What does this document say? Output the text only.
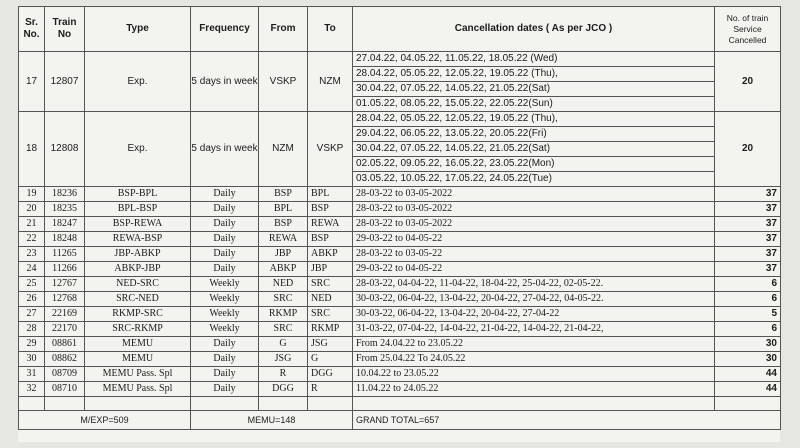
Sr. No.	Train No	Type	Frequency	From	To	Cancellation dates ( As per JCO )	No. of train Service Cancelled
17	12807	Exp.	5 days in week	VSKP	NZM	27.04.22, 04.05.22, 11.05.22, 18.05.22 (Wed)	20
						28.04.22, 05.05.22, 12.05.22, 19.05.22 (Thu),	
						30.04.22, 07.05.22, 14.05.22, 21.05.22(Sat)	
						01.05.22, 08.05.22, 15.05.22, 22.05.22(Sun)	
18	12808	Exp.	5 days in week	NZM	VSKP	28.04.22, 05.05.22, 12.05.22, 19.05.22 (Thu),	20
						29.04.22, 06.05.22, 13.05.22, 20.05.22(Fri)	
						30.04.22, 07.05.22, 14.05.22, 21.05.22(Sat)	
						02.05.22, 09.05.22, 16.05.22, 23.05.22(Mon)	
						03.05.22, 10.05.22, 17.05.22, 24.05.22(Tue)	
19	18236	BSP-BPL	Daily	BSP	BPL	28-03-22 to 03-05-2022	37
20	18235	BPL-BSP	Daily	BPL	BSP	28-03-22 to 03-05-2022	37
21	18247	BSP-REWA	Daily	BSP	REWA	28-03-22 to 03-05-2022	37
22	18248	REWA-BSP	Daily	REWA	BSP	29-03-22 to 04-05-22	37
23	11265	JBP-ABKP	Daily	JBP	ABKP	28-03-22 to 03-05-22	37
24	11266	ABKP-JBP	Daily	ABKP	JBP	29-03-22 to 04-05-22	37
25	12767	NED-SRC	Weekly	NED	SRC	28-03-22, 04-04-22, 11-04-22, 18-04-22, 25-04-22, 02-05-22.	6
26	12768	SRC-NED	Weekly	SRC	NED	30-03-22, 06-04-22, 13-04-22, 20-04-22, 27-04-22, 04-05-22.	6
27	22169	RKMP-SRC	Weekly	RKMP	SRC	30-03-22, 06-04-22, 13-04-22, 20-04-22, 27-04-22	5
28	22170	SRC-RKMP	Weekly	SRC	RKMP	31-03-22, 07-04-22, 14-04-22, 21-04-22, 14-04-22, 21-04-22,	6
29	08861	MEMU	Daily	G	JSG	From 24.04.22 to 23.05.22	30
30	08862	MEMU	Daily	JSG	G	From 25.04.22 To 24.05.22	30
31	08709	MEMU Pass. Spl	Daily	R	DGG	10.04.22 to 23.05.22	44
32	08710	MEMU Pass. Spl	Daily	DGG	R	11.04.22 to 24.05.22	44

M/EXP=509			MEMU=148			GRAND TOTAL=657	
